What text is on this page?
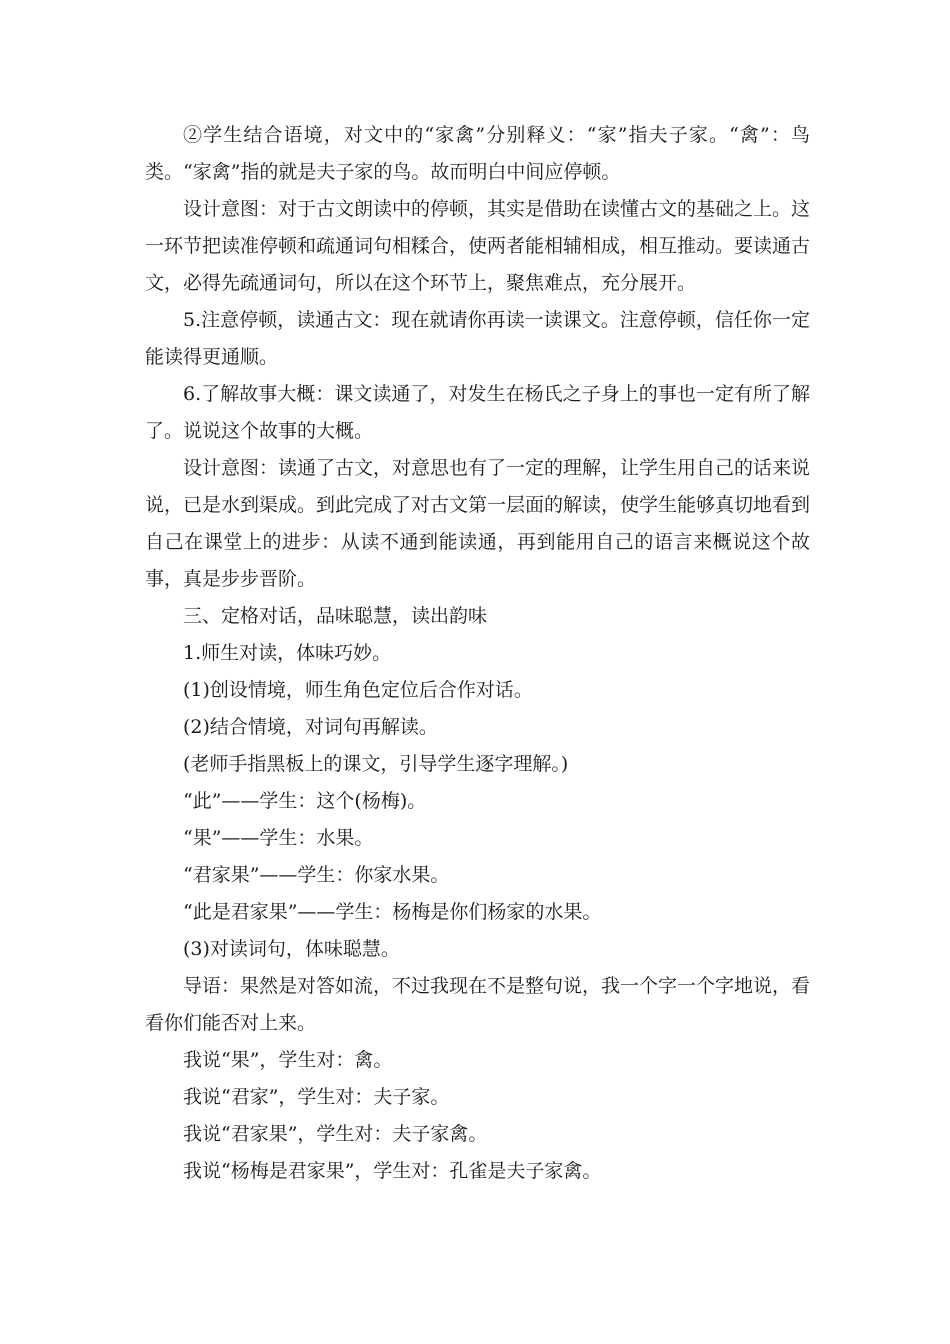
②学生结合语境，对文中的“家禽”分别释义：“家”指夫子家。“禽”：鸟类。“家禽”指的就是夫子家的鸟。故而明白中间应停顿。

设计意图：对于古文朗读中的停顿，其实是借助在读懂古文的基础之上。这一环节把读准停顿和疏通词句相糅合，使两者能相辅相成，相互推动。要读通古文，必得先疏通词句，所以在这个环节上，聚焦难点，充分展开。

5.注意停顿，读通古文：现在就请你再读一读课文。注意停顿，信任你一定能读得更通顺。

6.了解故事大概：课文读通了，对发生在杨氏之子身上的事也一定有所了解了。说说这个故事的大概。

设计意图：读通了古文，对意思也有了一定的理解，让学生用自己的话来说说，已是水到渠成。到此完成了对古文第一层面的解读，使学生能够真切地看到自己在课堂上的进步：从读不通到能读通，再到能用自己的语言来概说这个故事，真是步步晋阶。

三、定格对话，品味聪慧，读出韵味

1.师生对读，体味巧妙。

(1)创设情境，师生角色定位后合作对话。

(2)结合情境，对词句再解读。

(老师手指黑板上的课文，引导学生逐字理解。)

“此”——学生：这个(杨梅)。

“果”——学生：水果。

“君家果”——学生：你家水果。

“此是君家果”——学生：杨梅是你们杨家的水果。

(3)对读词句，体味聪慧。

导语：果然是对答如流，不过我现在不是整句说，我一个字一个字地说，看看你们能否对上来。

我说“果”，学生对：禽。

我说“君家”，学生对：夫子家。

我说“君家果”，学生对：夫子家禽。

我说“杨梅是君家果”，学生对：孔雀是夫子家禽。
